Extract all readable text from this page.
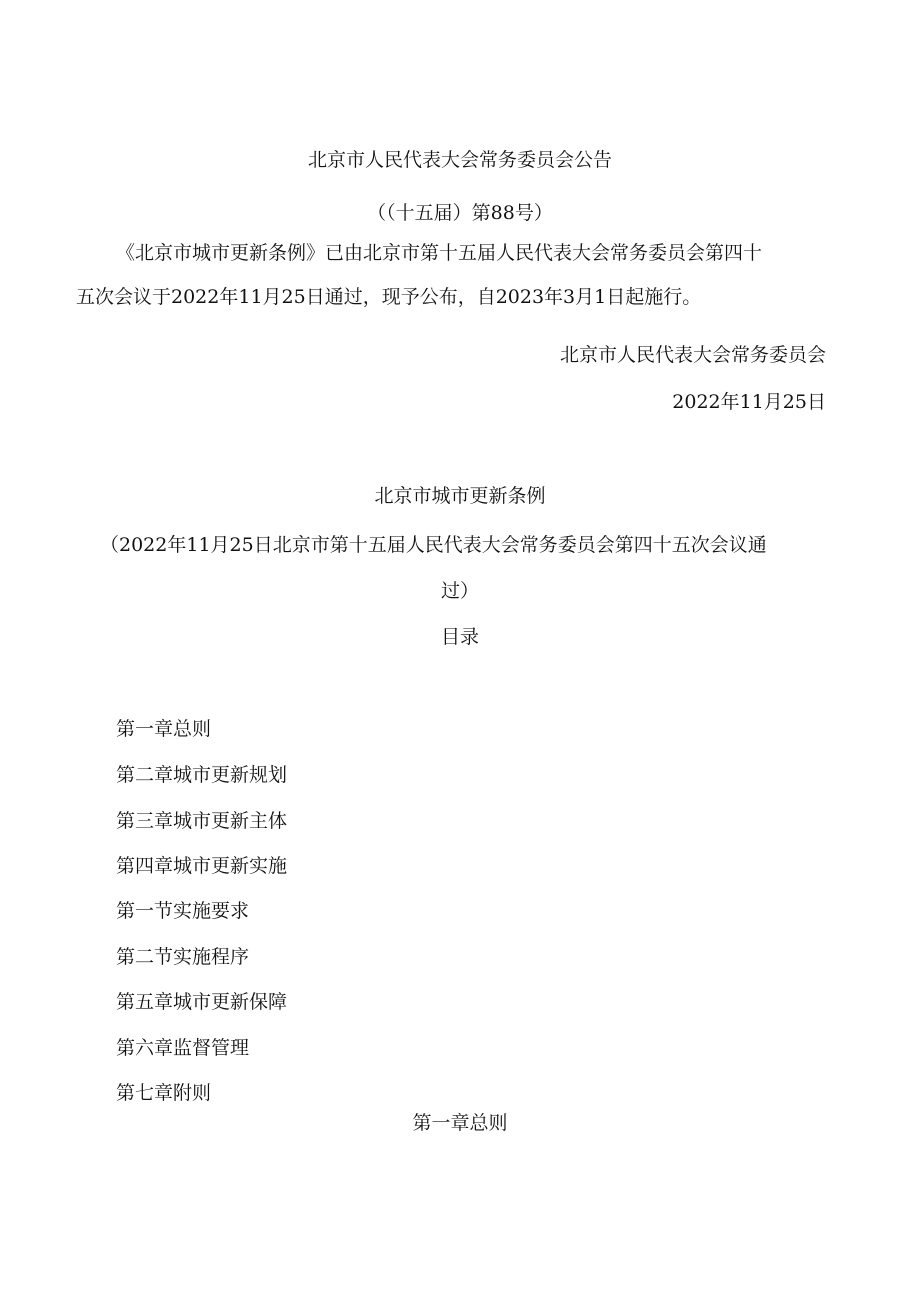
北京市人民代表大会常务委员会公告
（（十五届）第88号）
《北京市城市更新条例》已由北京市第十五届人民代表大会常务委员会第四十
五次会议于2022年11月25日通过，现予公布，自2023年3月1日起施行。
北京市人民代表大会常务委员会
2022年11月25日
北京市城市更新条例
（2022年11月25日北京市第十五届人民代表大会常务委员会第四十五次会议通
过）
目录
第一章总则
第二章城市更新规划
第三章城市更新主体
第四章城市更新实施
第一节实施要求
第二节实施程序
第五章城市更新保障
第六章监督管理
第七章附则
第一章总则
